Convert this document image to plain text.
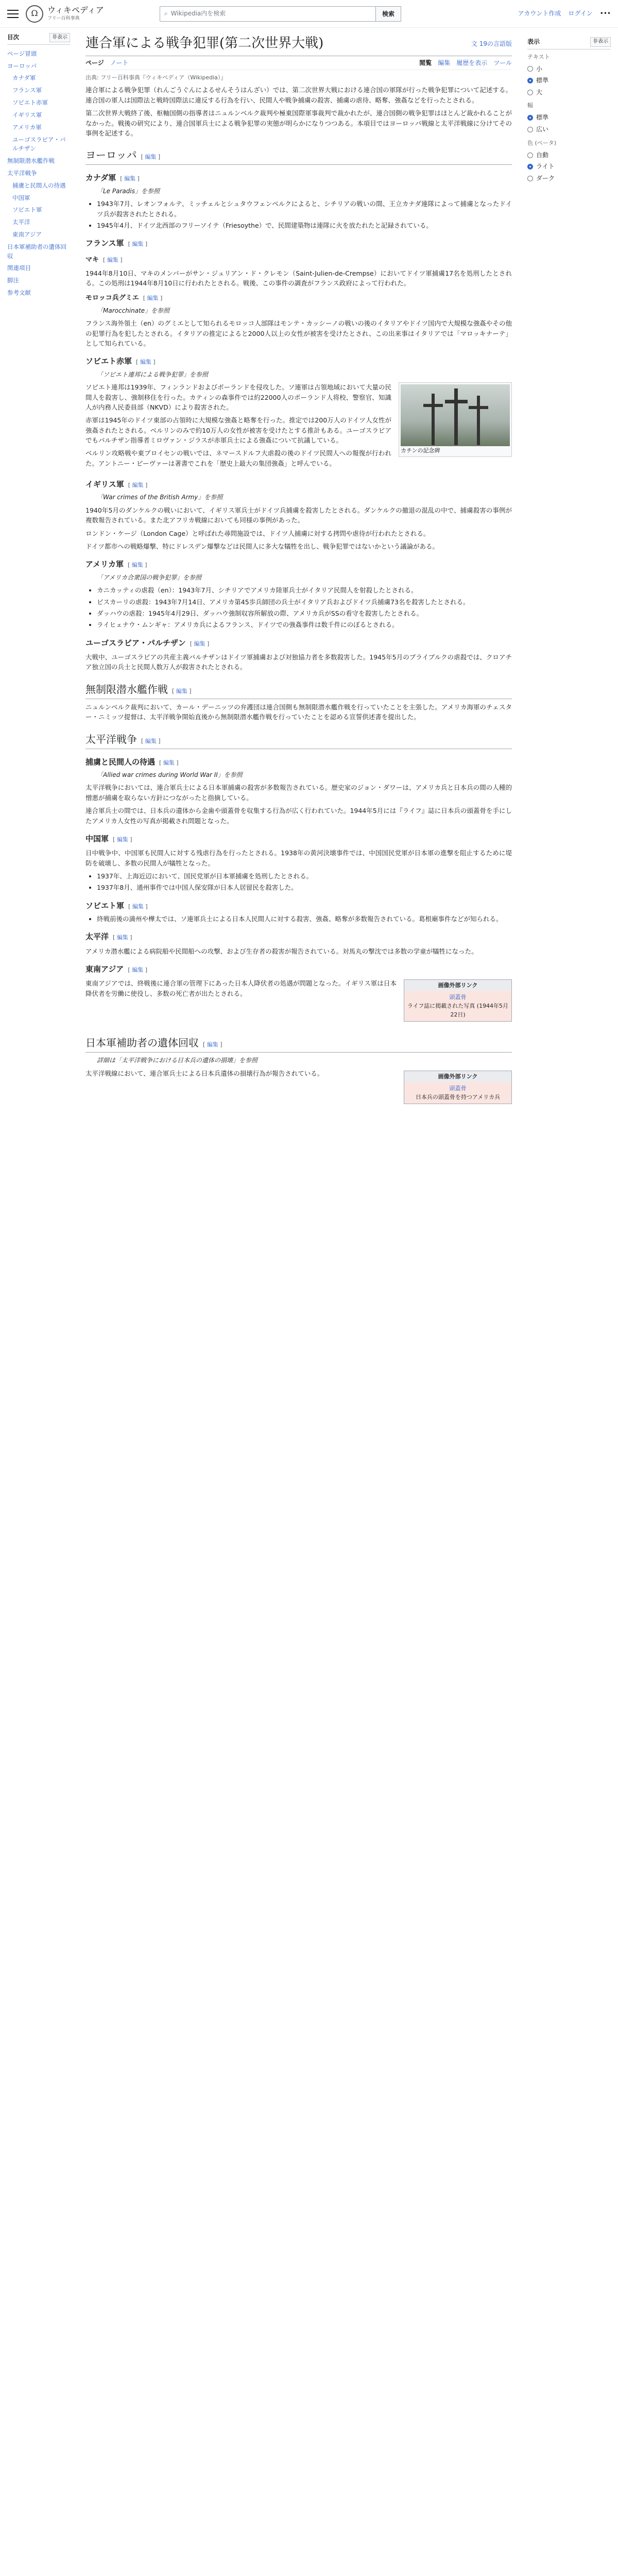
Ω	ウィキペディア
フリー百科事典
⌕ Wikipedia内を検索	検索	アカウント作成 ログイン •••
目次	非表示
ページ冒頭
ヨーロッパ
カナダ軍
フランス軍
ソビエト赤軍
イギリス軍
アメリカ軍
ユーゴスラビア・パルチザン
無制限潜水艦作戦
太平洋戦争
捕虜と民間人の待遇
中国軍
ソビエト軍
太平洋
東南アジア
日本軍補助者の遺体回収
関連項目
脚注
参考文献
連合軍による戦争犯罪(第二次世界大戦)	文 19の言語版
ページ ノート	閲覧 編集 履歴を表示 ツール
出典: フリー百科事典『ウィキペディア（Wikipedia）』

連合軍による戦争犯罪（れんごうぐんによるせんそうはんざい）では、第二次世界大戦における連合国の軍隊が行った戦争犯罪について記述する。連合国の軍人は国際法と戦時国際法に違反する行為を行い、民間人や戦争捕虜の殺害、捕虜の虐待、略奪、強姦などを行ったとされる。

第二次世界大戦終了後、枢軸国側の指導者はニュルンベルク裁判や極東国際軍事裁判で裁かれたが、連合国側の戦争犯罪はほとんど裁かれることがなかった。戦後の研究により、連合国軍兵士による戦争犯罪の実態が明らかになりつつある。本項目ではヨーロッパ戦線と太平洋戦線に分けてその事例を記述する。

ヨーロッパ [ 編集 ]
カナダ軍 [ 編集 ]
「Le Paradis」を参照
• 1943年7月、レオンフォルテ、ミッチェルとシュタウフェンベルクによると、シチリアの戦いの間、王立カナダ連隊によって捕虜となったドイツ兵が殺害されたとされる。
• 1945年4月、ドイツ北西部のフリーソイテ（Friesoythe）で、民間建築物は連隊に火を放たれたと記録されている。
フランス軍 [ 編集 ]
マキ [ 編集 ]

1944年8月10日、マキのメンバーがサン・ジュリアン・ド・クレモン（Saint-Julien-de-Crempse）においてドイツ軍捕虜17名を処刑したとされる。この処刑は1944年8月10日に行われたとされる。戦後、この事件の調査がフランス政府によって行われた。

モロッコ兵グミエ [ 編集 ]
「Marocchinate」を参照

フランス海外領土（en）のグミエとして知られるモロッコ人部隊はモンテ・カッシーノの戦いの後のイタリアやドイツ国内で大規模な強姦やその他の犯罪行為を犯したとされる。イタリアの推定によると2000人以上の女性が被害を受けたとされ、この出来事はイタリアでは「マロッキナーテ」として知られている。

ソビエト赤軍 [ 編集 ]
「ソビエト連邦による戦争犯罪」を参照
カチンの記念碑

ソビエト連邦は1939年、フィンランドおよびポーランドを侵攻した。ソ連軍は占領地域において大量の民間人を殺害し、強制移住を行った。カティンの森事件では約22000人のポーランド人将校、警察官、知識人が内務人民委員部（NKVD）により殺害された。

赤軍は1945年のドイツ東部の占領時に大規模な強姦と略奪を行った。推定では200万人のドイツ人女性が強姦されたとされる。ベルリンのみで約10万人の女性が被害を受けたとする推計もある。ユーゴスラビアでもパルチザン指導者ミロヴァン・ジラスが赤軍兵士による強姦について抗議している。

ベルリン攻略戦や東プロイセンの戦いでは、ネマースドルフ大虐殺の後のドイツ民間人への報復が行われた。アントニー・ビーヴァーは著書でこれを「歴史上最大の集団強姦」と呼んでいる。

イギリス軍 [ 編集 ]
「War crimes of the British Army」を参照

1940年5月のダンケルクの戦いにおいて、イギリス軍兵士がドイツ兵捕虜を殺害したとされる。ダンケルクの撤退の混乱の中で、捕虜殺害の事例が複数報告されている。また北アフリカ戦線においても同様の事例があった。

ロンドン・ケージ（London Cage）と呼ばれた尋問施設では、ドイツ人捕虜に対する拷問や虐待が行われたとされる。

ドイツ都市への戦略爆撃、特にドレスデン爆撃などは民間人に多大な犠牲を出し、戦争犯罪ではないかという議論がある。

アメリカ軍 [ 編集 ]
「アメリカ合衆国の戦争犯罪」を参照
• カニカッティの虐殺（en）：1943年7月、シチリアでアメリカ陸軍兵士がイタリア民間人を射殺したとされる。
• ビスカーリの虐殺：1943年7月14日、アメリカ第45歩兵師団の兵士がイタリア兵およびドイツ兵捕虜73名を殺害したとされる。
• ダッハウの虐殺：1945年4月29日、ダッハウ強制収容所解放の際、アメリカ兵がSSの看守を殺害したとされる。
• ライヒェナウ・ムンギャ：アメリカ兵によるフランス、ドイツでの強姦事件は数千件にのぼるとされる。
ユーゴスラビア・パルチザン [ 編集 ]

大戦中、ユーゴスラビアの共産主義パルチザンはドイツ軍捕虜および対独協力者を多数殺害した。1945年5月のブライブルクの虐殺では、クロアチア独立国の兵士と民間人数万人が殺害されたとされる。

無制限潜水艦作戦 [ 編集 ]

ニュルンベルク裁判において、カール・デーニッツの弁護団は連合国側も無制限潜水艦作戦を行っていたことを主張した。アメリカ海軍のチェスター・ニミッツ提督は、太平洋戦争開始直後から無制限潜水艦作戦を行っていたことを認める宣誓供述書を提出した。

太平洋戦争 [ 編集 ]
捕虜と民間人の待遇 [ 編集 ]
「Allied war crimes during World War II」を参照

太平洋戦争においては、連合軍兵士による日本軍捕虜の殺害が多数報告されている。歴史家のジョン・ダワーは、アメリカ兵と日本兵の間の人種的憎悪が捕虜を取らない方針につながったと指摘している。

連合軍兵士の間では、日本兵の遺体から金歯や頭蓋骨を収集する行為が広く行われていた。1944年5月には『ライフ』誌に日本兵の頭蓋骨を手にしたアメリカ人女性の写真が掲載され問題となった。

中国軍 [ 編集 ]

日中戦争中、中国軍も民間人に対する残虐行為を行ったとされる。1938年の黄河決壊事件では、中国国民党軍が日本軍の進撃を阻止するために堤防を破壊し、多数の民間人が犠牲となった。

• 1937年、上海近辺において、国民党軍が日本軍捕虜を処刑したとされる。
• 1937年8月、通州事件では中国人保安隊が日本人居留民を殺害した。
ソビエト軍 [ 編集 ]
• 終戦前後の満州や樺太では、ソ連軍兵士による日本人民間人に対する殺害、強姦、略奪が多数報告されている。葛根廟事件などが知られる。
太平洋 [ 編集 ]

アメリカ潜水艦による病院船や民間船への攻撃、および生存者の殺害が報告されている。対馬丸の撃沈では多数の学童が犠牲になった。

東南アジア [ 編集 ]
画像外部リンク
頭蓋骨
ライフ誌に掲載された写真 (1944年5月22日)

東南アジアでは、終戦後に連合軍の管理下にあった日本人降伏者の処遇が問題となった。イギリス軍は日本降伏者を労働に使役し、多数の死亡者が出たとされる。

日本軍補助者の遺体回収 [ 編集 ]
詳細は「太平洋戦争における日本兵の遺体の損壊」を参照
画像外部リンク
頭蓋骨
日本兵の頭蓋骨を持つアメリカ兵

太平洋戦線において、連合軍兵士による日本兵遺体の損壊行為が報告されている。

表示	非表示
テキスト
小
標準
大
幅
標準
広い
色 (ベータ)
自動
ライト
ダーク
